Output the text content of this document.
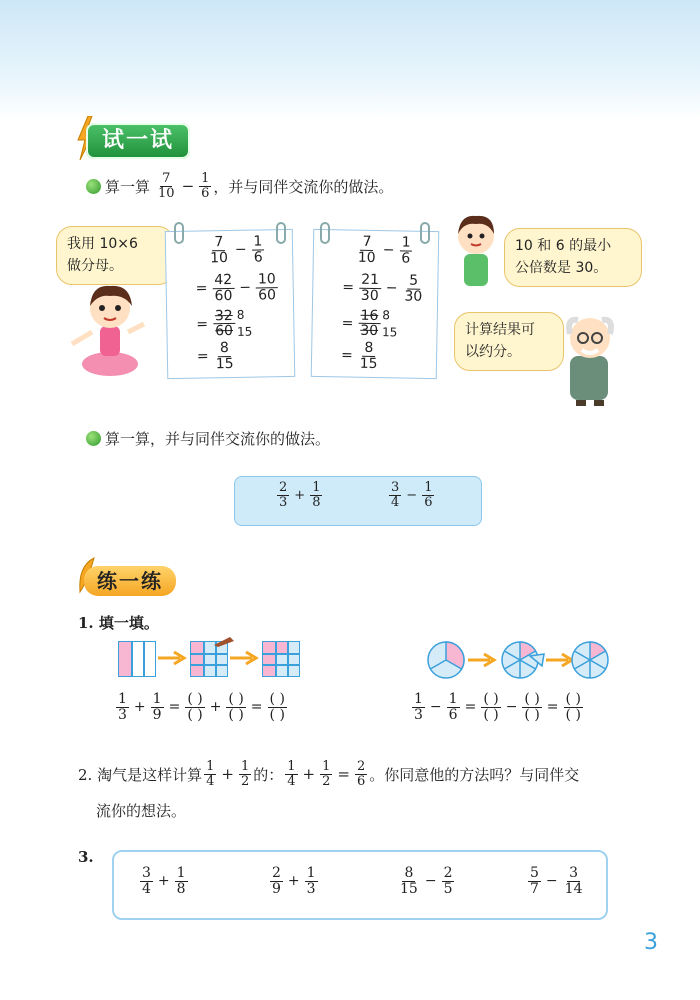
试一试
算一算 $\frac{7}{10} - \frac{1}{6}$ ，并与同伴交流你的做法。
我用 10×6
做分母。
$\frac{7}{10} - \frac{1}{6}$
= $\frac{42}{60} - \frac{10}{60}$
= $\frac{32}{60} 8$
15
= $\frac{8}{15}$
$\frac{7}{10} - \frac{1}{6}$
= $\frac{21}{30} - \frac{5}{30}$
= $\frac{16}{30} 8$
15
= $\frac{8}{15}$
10 和 6 的最小
公倍数是 30。
计算结果可
以约分。
算一算，并与同伴交流你的做法。
$\frac{2}{3} + \frac{1}{8}$	$\frac{3}{4} - \frac{1}{6}$
练一练
1. 填一填。
$\frac{1}{3} + \frac{1}{9} = \frac{( )}{( )} + \frac{( )}{( )} = \frac{( )}{( )}$	$\frac{1}{3} - \frac{1}{6} = \frac{( )}{( )} - \frac{( )}{( )} = \frac{( )}{( )}$
2. 淘气是这样计算 $\frac{1}{4} + \frac{1}{2}$ 的： $\frac{1}{4} + \frac{1}{2} = \frac{2}{6}$ 。你同意他的方法吗？与同伴交
流你的想法。
3.
$\frac{3}{4} + \frac{1}{8}$	$\frac{2}{9} + \frac{1}{3}$	$\frac{8}{15} - \frac{2}{5}$	$\frac{5}{7} - \frac{3}{14}$
3
